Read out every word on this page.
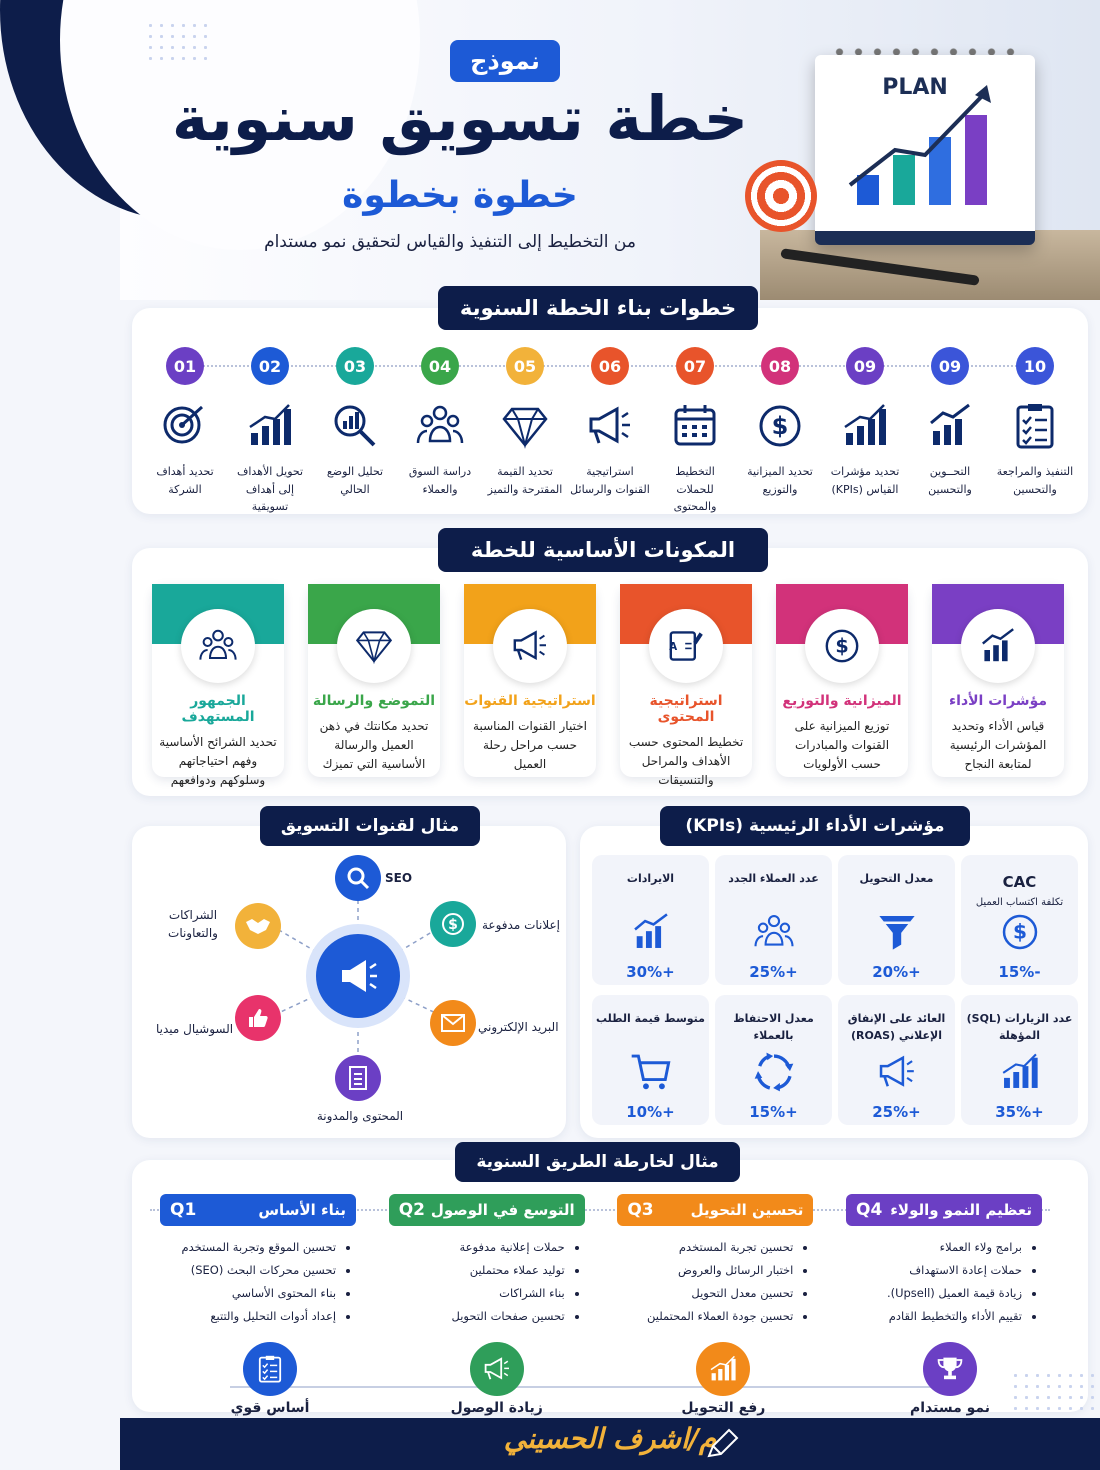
PLAN
نموذج
خطة تسويق سنوية
خطوة بخطوة
من التخطيط إلى التنفيذ والقياس لتحقيق نمو مستدام
خطوات بناء الخطة السنوية
10
التنفيذ والمراجعة والتحسين
09
التحــوين والتحسين
09
تحديد مؤشرات القياس (KPIs)
08
$
تحديد الميزانية والتوزيع
07
التخطيط للحملات والمحتوى
06
استراتيجية القنوات والرسائل
05
تحديد القيمة المقترحة والتميز
04
دراسة السوق والعملاء
03
تحليل الوضع الحالي
02
تحويل الأهداف إلى أهداف تسويقية
01
تحديد أهداف الشركة
المكونات الأساسية للخطة
مؤشرات الأداء
قياس الأداء وتحديد المؤشرات الرئيسية لمتابعة النجاح
$
الميزانية والتوزيع
توزيع الميزانية على القنوات والمبادرات حسب الأولويات
A
استراتيجية المحتوى
تخطيط المحتوى حسب الأهداف والمراحل والتنسيقات
استراتيجية القنوات
اختيار القنوات المناسبة حسب مراحل رحلة العميل
التموضع والرسالة
تحديد مكانتك في ذهن العميل والرسالة الأساسية التي تميزك
الجمهور المستهدف
تحديد الشرائح الأساسية وفهم احتياجاتهم وسلوكهم ودوافعهم
مثال لقنوات التسويق
SEO
$ إعلانات مدفوعة
البريد الإلكتروني
المحتوى والمدونة
السوشيال ميديا
الشراكات والتعاونات
مؤشرات الأداء الرئيسية (KPIs)
CAC
تكلفة اكتساب العميل
$
-15%
معدل التحويل
+20%
عدد العملاء الجدد
+25%
الايرادات
+30%
عدد الزيارات (SQL) المؤهلة
+35%
العائد على الإنفاق الإعلاني (ROAS)
+25%
معدل الاحتفاظ بالعملاء
+15%
متوسط قيمة الطلب
+10%
مثال لخارطة الطريق السنوية
تعظيم النمو والولاء
Q4
• برامج ولاء العملاء
• حملات إعادة الاستهداف
• زيادة قيمة العميل (Upsell).
• تقييم الأداء والتخطيط القادم
تحسين التحويل
Q3
• تحسين تجربة المستخدم
• اختبار الرسائل والعروض
• تحسين معدل التحويل
• تحسين جودة العملاء المحتملين
التوسع في الوصول
Q2
• حملات إعلانية مدفوعة
• توليد عملاء محتملين
• بناء الشراكات
• تحسين صفحات التحويل
بناء الأساس
Q1
• تحسين الموقع وتجربة المستخدم
• تحسين محركات البحث (SEO)
• بناء المحتوى الأساسي
• إعداد أدوات التحليل والتتبع
نمو مستدام
رفع التحويل
زيادة الوصول
أساس قوي
م/اشرف الحسيني
